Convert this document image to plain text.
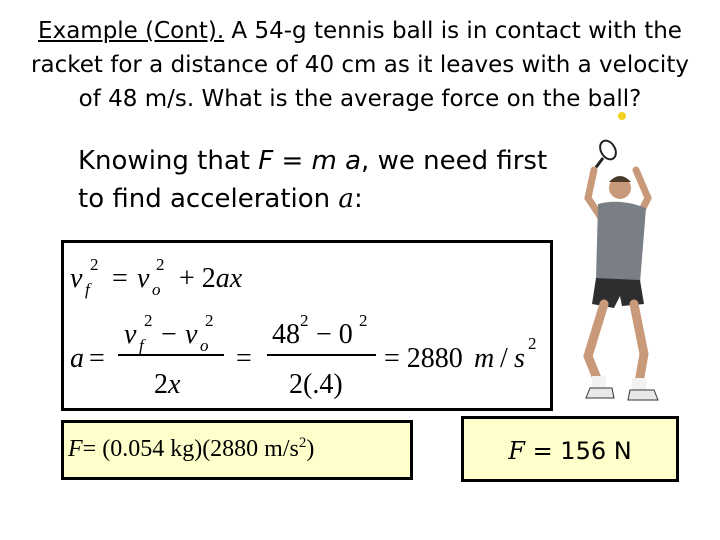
Example (Cont). A 54-g tennis ball is in contact with the racket for a distance of 40 cm as it leaves with a velocity of 48 m/s. What is the average force on the ball?
Knowing that F = m a, we need first to find acceleration a:
v f
2 = v o
2 + 2ax
a =
v f
2 − v o
2
2x
=
48 2 − 0 2
2(.4)
= 2880 m / s 2
F= (0.054 kg)(2880 $m/s^2$)	F = 156 N
